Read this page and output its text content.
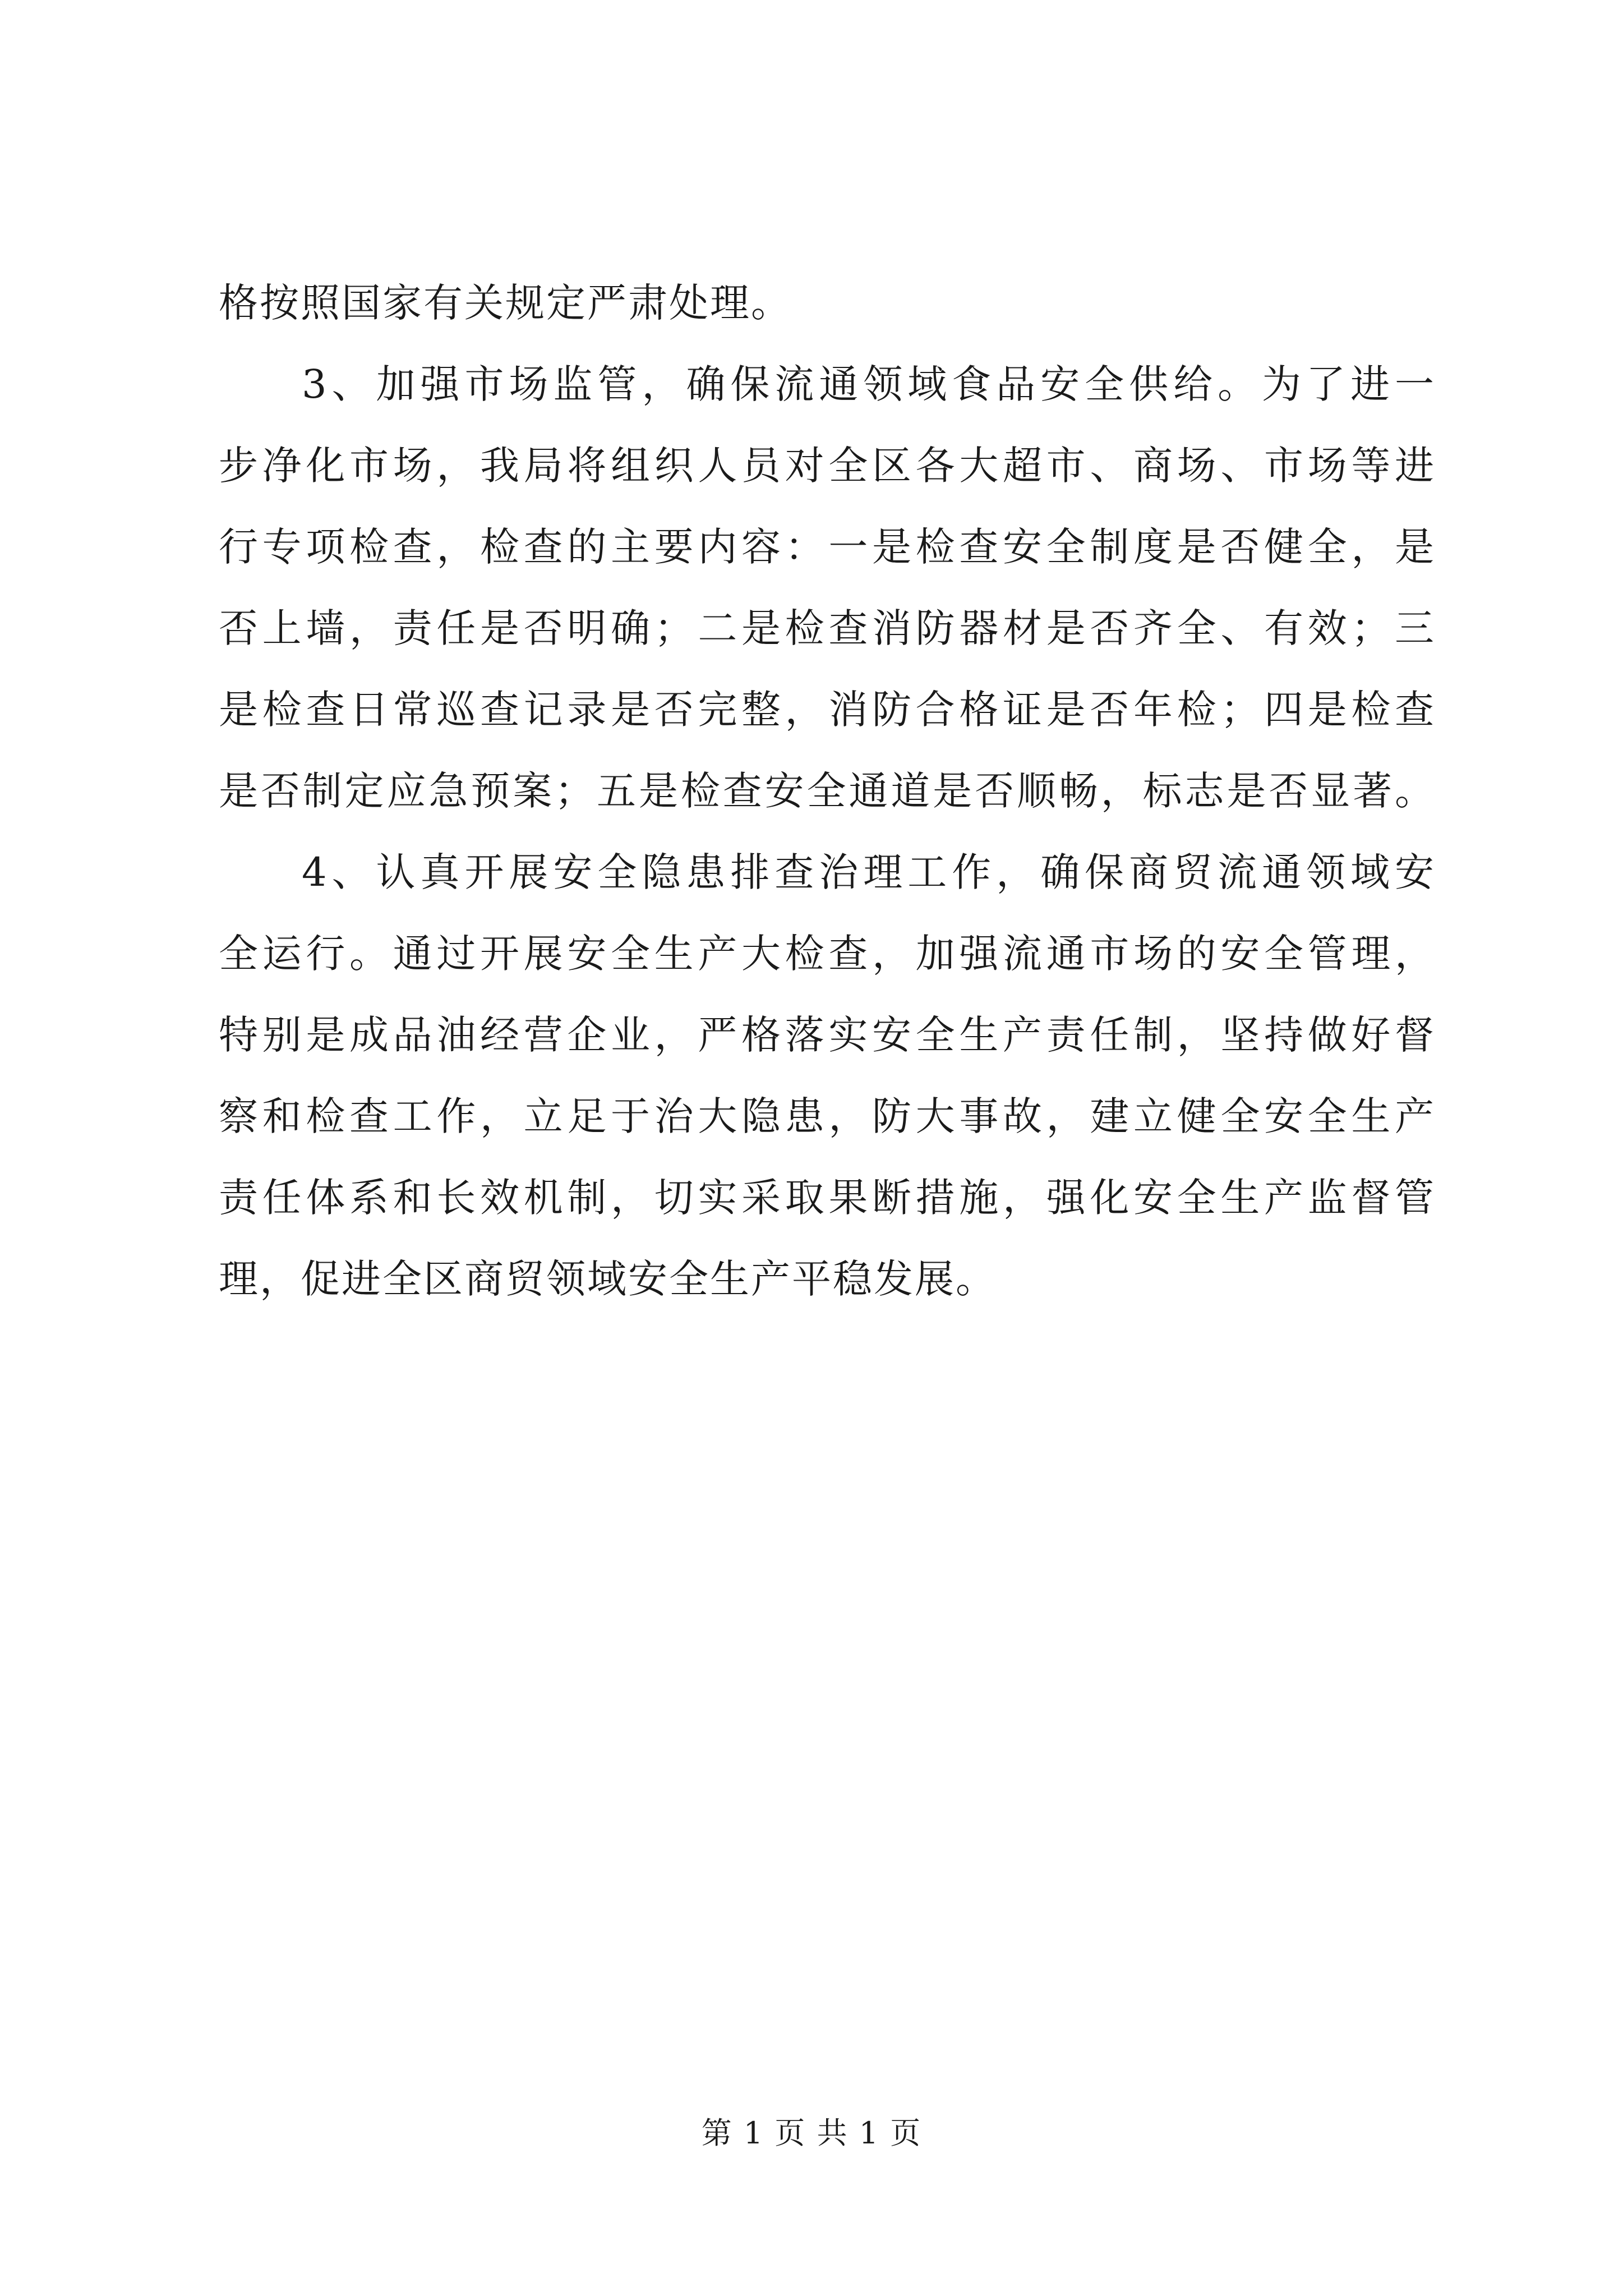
格按照国家有关规定严肃处理。
3、加强市场监管，确保流通领域食品安全供给。为了进一
步净化市场，我局将组织人员对全区各大超市、商场、市场等进
行专项检查，检查的主要内容：一是检查安全制度是否健全，是
否上墙，责任是否明确；二是检查消防器材是否齐全、有效；三
是检查日常巡查记录是否完整，消防合格证是否年检；四是检查
是否制定应急预案；五是检查安全通道是否顺畅，标志是否显著。
4、认真开展安全隐患排查治理工作，确保商贸流通领域安
全运行。通过开展安全生产大检查，加强流通市场的安全管理，
特别是成品油经营企业，严格落实安全生产责任制，坚持做好督
察和检查工作，立足于治大隐患，防大事故，建立健全安全生产
责任体系和长效机制，切实采取果断措施，强化安全生产监督管
理，促进全区商贸领域安全生产平稳发展。
第 1 页 共 1 页
